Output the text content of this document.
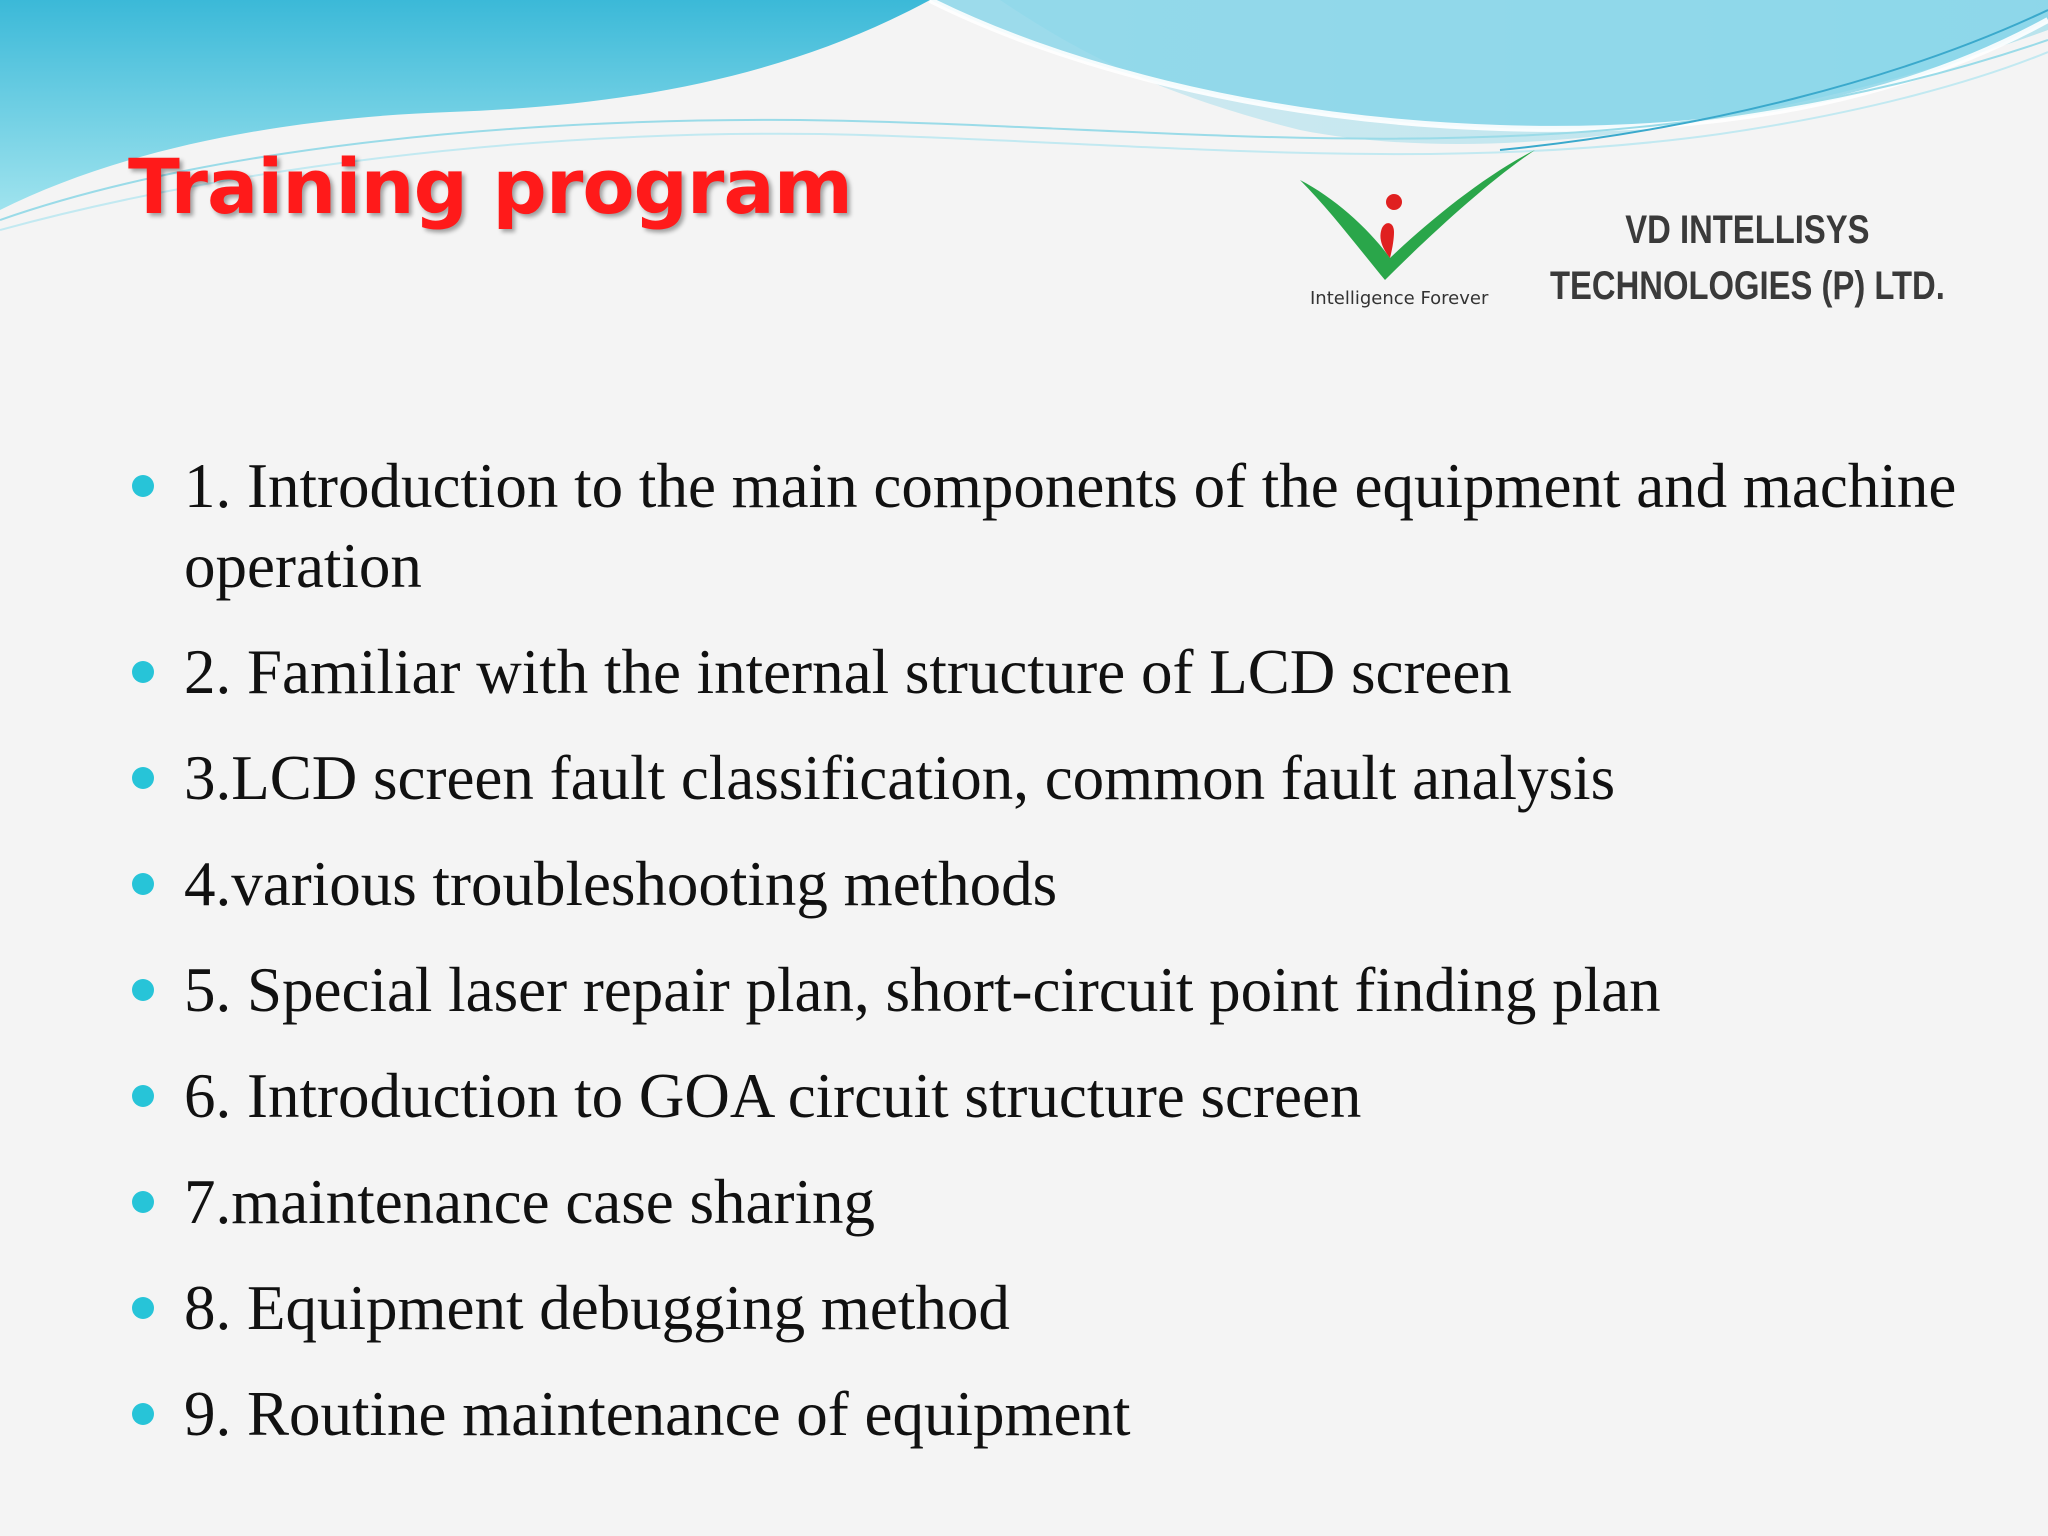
Training program
Intelligence Forever
VD INTELLISYS
TECHNOLOGIES (P) LTD.
1. Introduction to the main components of the equipment and machine operation
2. Familiar with the internal structure of LCD screen
3.LCD screen fault classification, common fault analysis
4.various troubleshooting methods
5. Special laser repair plan, short-circuit point finding plan
6. Introduction to GOA circuit structure screen
7.maintenance case sharing
8. Equipment debugging method
9. Routine maintenance of equipment
